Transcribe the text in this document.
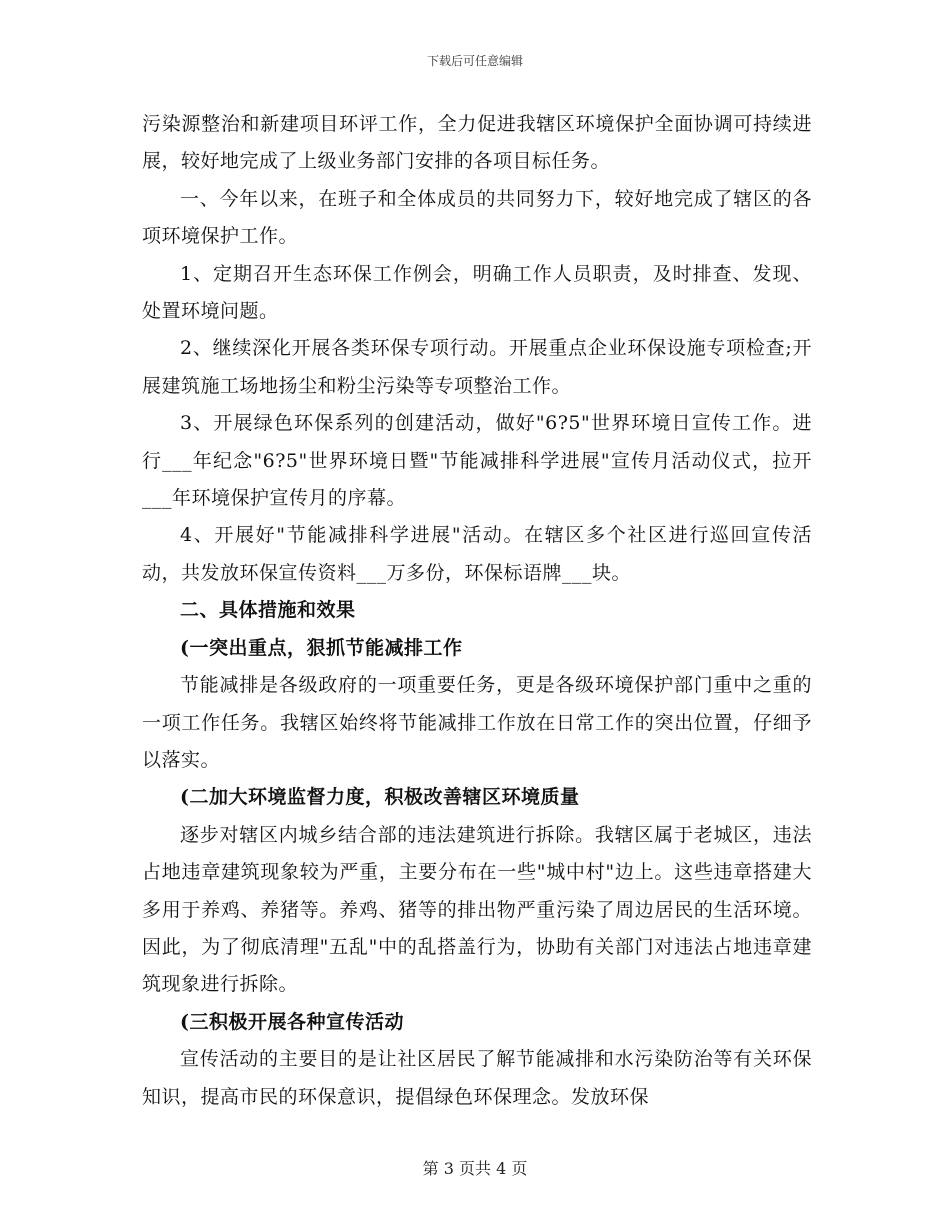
下载后可任意编辑

污染源整治和新建项目环评工作，全力促进我辖区环境保护全面协调可持续进展，较好地完成了上级业务部门安排的各项目标任务。

一、今年以来，在班子和全体成员的共同努力下，较好地完成了辖区的各项环境保护工作。

1、定期召开生态环保工作例会，明确工作人员职责，及时排查、发现、处置环境问题。

2、继续深化开展各类环保专项行动。开展重点企业环保设施专项检查;开展建筑施工场地扬尘和粉尘污染等专项整治工作。

3、开展绿色环保系列的创建活动，做好"6?5"世界环境日宣传工作。进行___年纪念"6?5"世界环境日暨"节能减排科学进展"宣传月活动仪式，拉开___年环境保护宣传月的序幕。

4、开展好"节能减排科学进展"活动。在辖区多个社区进行巡回宣传活动，共发放环保宣传资料___万多份，环保标语牌___块。

二、具体措施和效果

(一突出重点，狠抓节能减排工作

节能减排是各级政府的一项重要任务，更是各级环境保护部门重中之重的一项工作任务。我辖区始终将节能减排工作放在日常工作的突出位置，仔细予以落实。

(二加大环境监督力度，积极改善辖区环境质量

逐步对辖区内城乡结合部的违法建筑进行拆除。我辖区属于老城区，违法占地违章建筑现象较为严重，主要分布在一些"城中村"边上。这些违章搭建大多用于养鸡、养猪等。养鸡、猪等的排出物严重污染了周边居民的生活环境。因此，为了彻底清理"五乱"中的乱搭盖行为，协助有关部门对违法占地违章建筑现象进行拆除。

(三积极开展各种宣传活动

宣传活动的主要目的是让社区居民了解节能减排和水污染防治等有关环保知识，提高市民的环保意识，提倡绿色环保理念。发放环保

第 3 页共 4 页
